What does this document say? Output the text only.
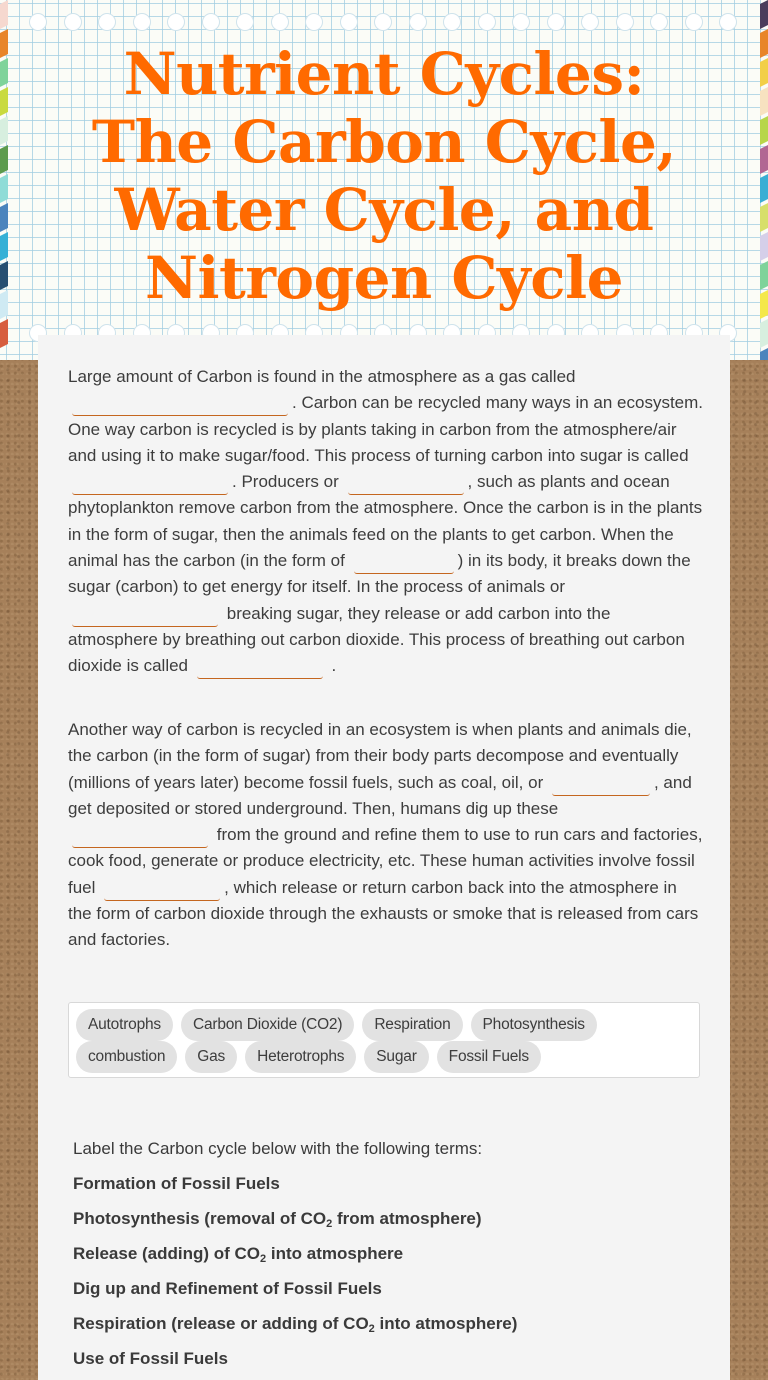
Nutrient Cycles: The Carbon Cycle, Water Cycle, and Nitrogen Cycle

Large amount of Carbon is found in the atmosphere as a gas called . Carbon can be recycled many ways in an ecosystem. One way carbon is recycled is by plants taking in carbon from the atmosphere/air and using it to make sugar/food. This process of turning carbon into sugar is called . Producers or	, such as plants and ocean phytoplankton remove carbon from the atmosphere. Once the carbon is in the plants in the form of sugar, then the animals feed on the plants to get carbon. When the animal has the carbon (in the form of	) in its body, it breaks down the sugar (carbon) to get energy for itself. In the process of animals or  breaking sugar, they release or add carbon into the atmosphere by breathing out carbon dioxide. This process of breathing out carbon dioxide is called	.

Another way of carbon is recycled in an ecosystem is when plants and animals die, the carbon (in the form of sugar) from their body parts decompose and eventually (millions of years later) become fossil fuels, such as coal, oil, or	, and get deposited or stored underground. Then, humans dig up these  from the ground and refine them to use to run cars and factories, cook food, generate or produce electricity, etc. These human activities involve fossil fuel	, which release or return carbon back into the atmosphere in the form of carbon dioxide through the exhausts or smoke that is released from cars and factories.

Autotrophs	Carbon Dioxide (CO2)	Respiration	Photosynthesis
combustion	Gas	Heterotrophs	Sugar	Fossil Fuels
Label the Carbon cycle below with the following terms:
Formation of Fossil Fuels
Photosynthesis (removal of $CO_2$ from atmosphere)
Release (adding) of $CO_2$ into atmosphere
Dig up and Refinement of Fossil Fuels
Respiration (release or adding of $CO_2$ into atmosphere)
Use of Fossil Fuels
